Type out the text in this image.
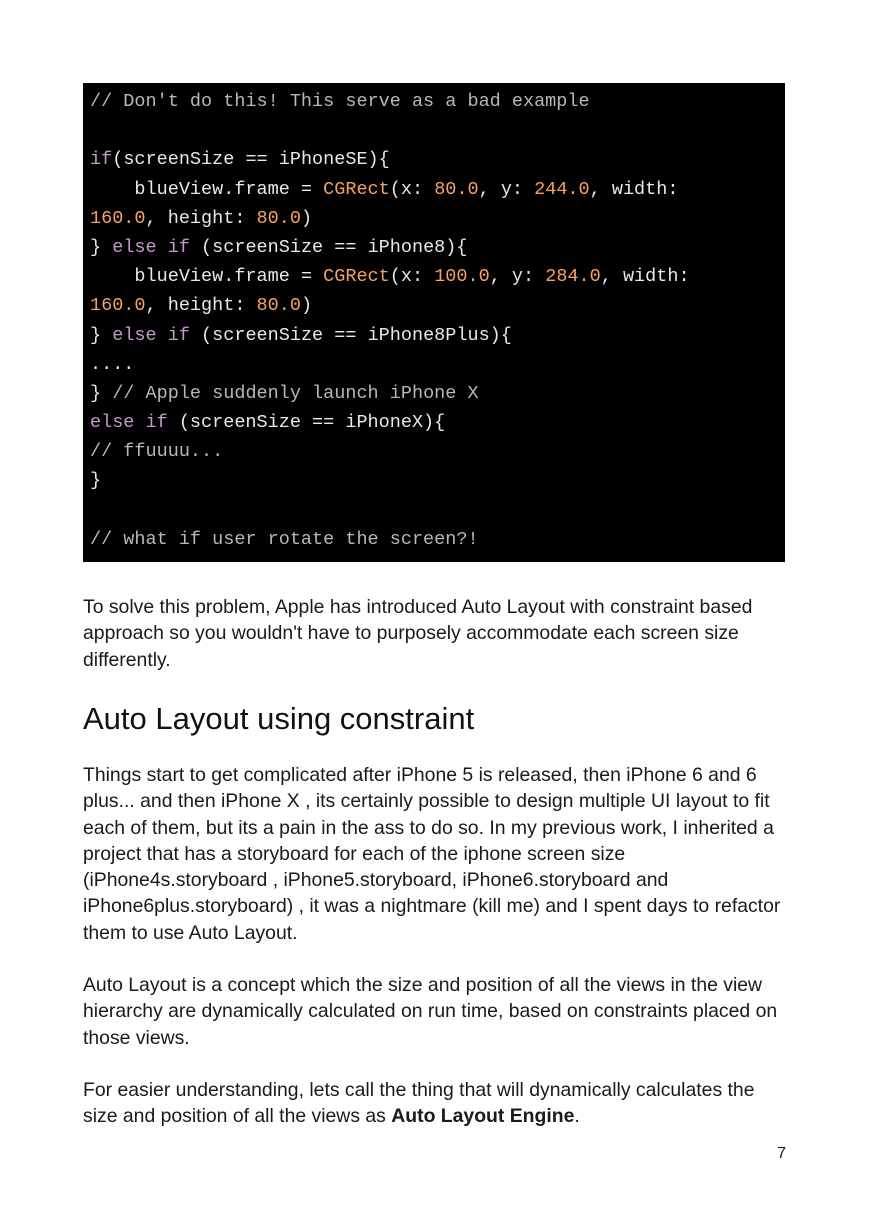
// Don't do this! This serve as a bad example

if(screenSize == iPhoneSE){
blueView.frame = CGRect(x: 80.0, y: 244.0, width:
160.0, height: 80.0)
} else if (screenSize == iPhone8){
blueView.frame = CGRect(x: 100.0, y: 284.0, width:
160.0, height: 80.0)
} else if (screenSize == iPhone8Plus){
....
} // Apple suddenly launch iPhone X
else if (screenSize == iPhoneX){
// ffuuuu...
}

// what if user rotate the screen?!

To solve this problem, Apple has introduced Auto Layout with constraint based approach so you wouldn't have to purposely accommodate each screen size differently.

Auto Layout using constraint

Things start to get complicated after iPhone 5 is released, then iPhone 6 and 6 plus... and then iPhone X , its certainly possible to design multiple UI layout to fit each of them, but its a pain in the ass to do so. In my previous work, I inherited a project that has a storyboard for each of the iphone screen size (iPhone4s.storyboard , iPhone5.storyboard, iPhone6.storyboard and iPhone6plus.storyboard) , it was a nightmare (kill me) and I spent days to refactor them to use Auto Layout.

Auto Layout is a concept which the size and position of all the views in the view hierarchy are dynamically calculated on run time, based on constraints placed on those views.

For easier understanding, lets call the thing that will dynamically calculates the size and position of all the views as Auto Layout Engine.

7
